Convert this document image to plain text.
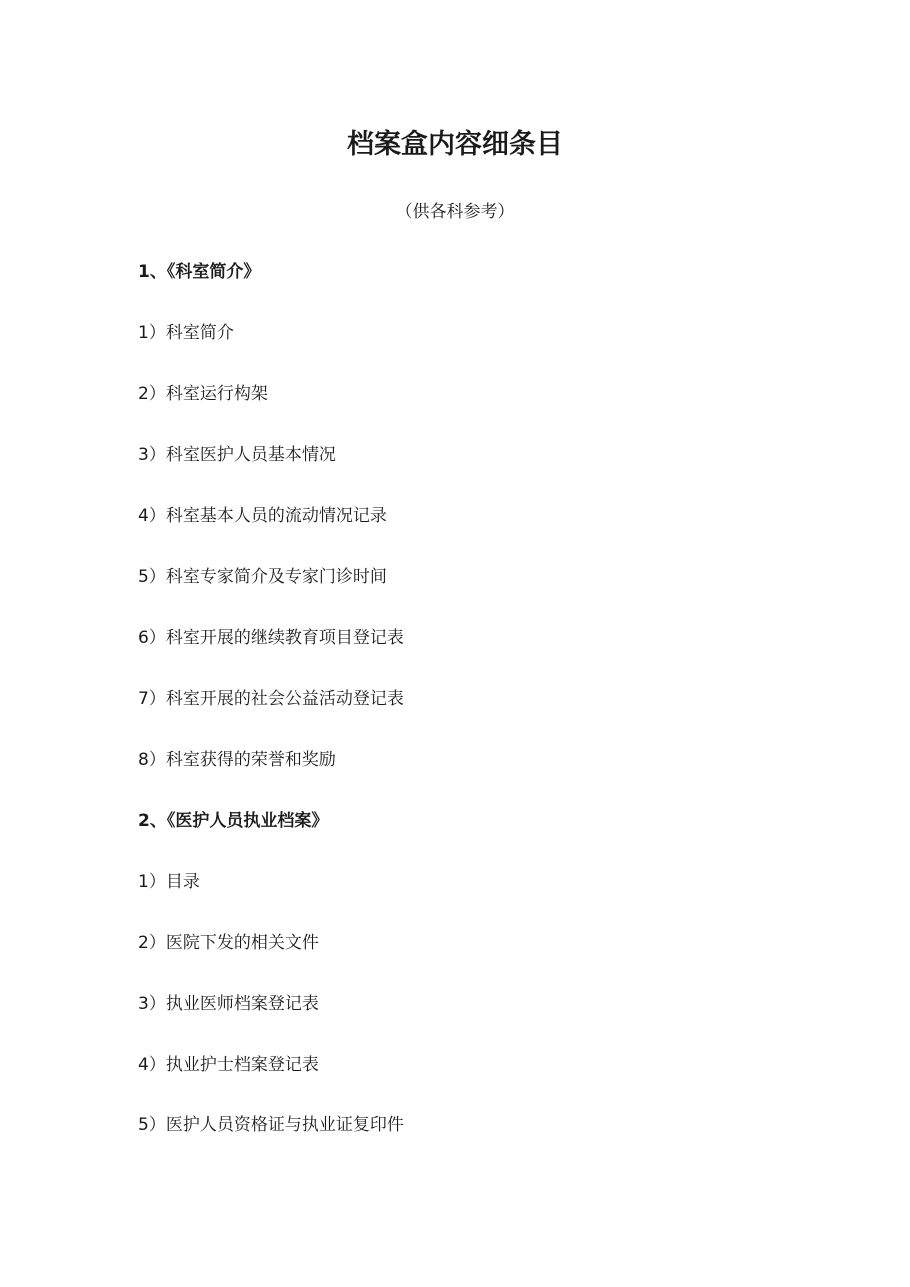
档案盒内容细条目
（供各科参考）
1、《科室简介》
1）科室简介
2）科室运行构架
3）科室医护人员基本情况
4）科室基本人员的流动情况记录
5）科室专家简介及专家门诊时间
6）科室开展的继续教育项目登记表
7）科室开展的社会公益活动登记表
8）科室获得的荣誉和奖励
2、《医护人员执业档案》
1）目录
2）医院下发的相关文件
3）执业医师档案登记表
4）执业护士档案登记表
5）医护人员资格证与执业证复印件
